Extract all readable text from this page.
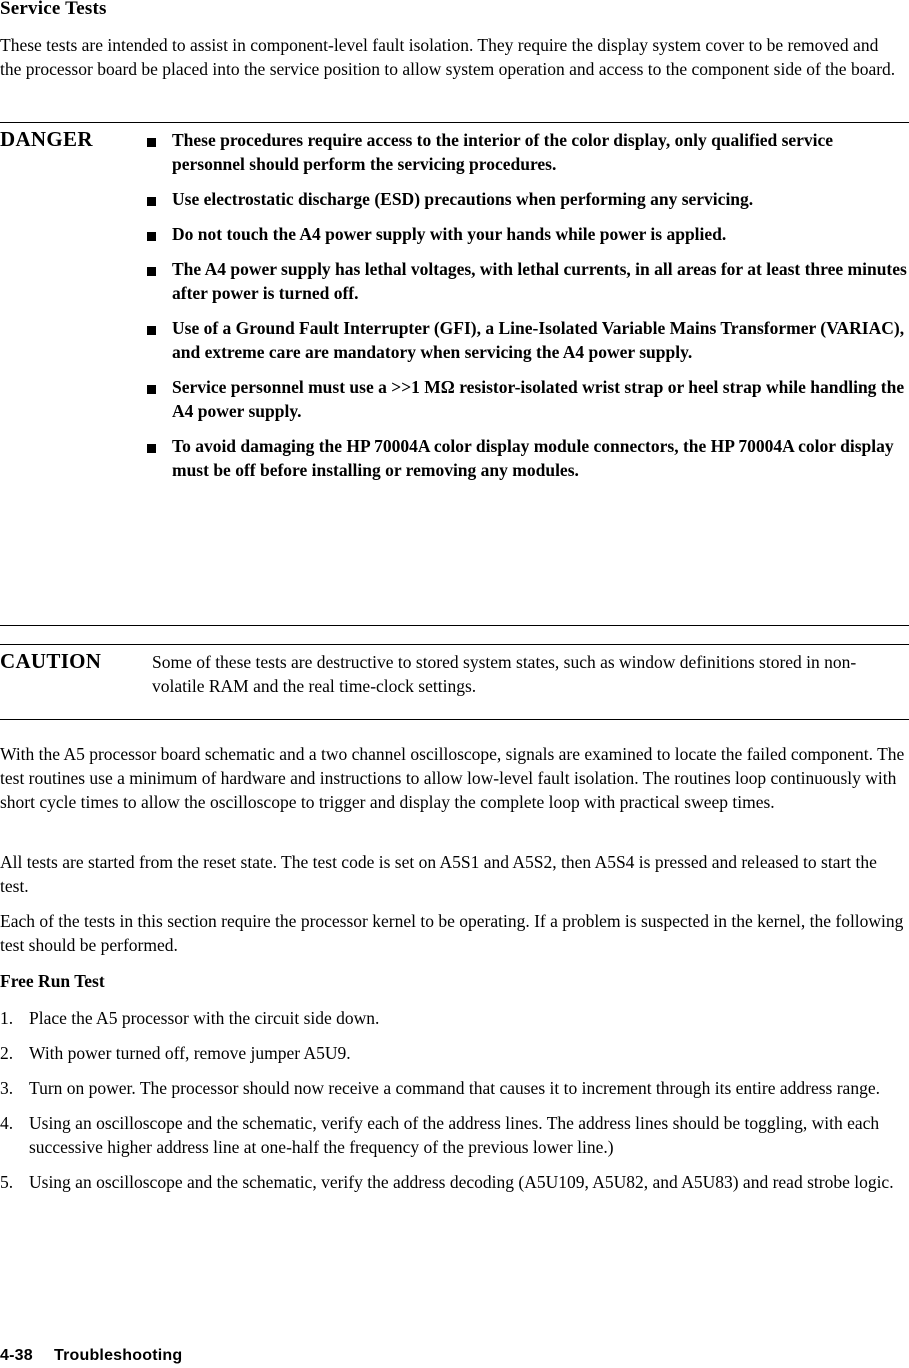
Service Tests
These tests are intended to assist in component-level fault isolation. They require the display system cover to be removed and the processor board be placed into the service position to allow system operation and access to the component side of the board.
DANGER	These procedures require access to the interior of the color display, only qualified service personnel should perform the servicing procedures.
Use electrostatic discharge (ESD) precautions when performing any servicing.
Do not touch the A4 power supply with your hands while power is applied.
The A4 power supply has lethal voltages, with lethal currents, in all areas for at least three minutes after power is turned off.
Use of a Ground Fault Interrupter (GFI), a Line-Isolated Variable Mains Transformer (VARIAC), and extreme care are mandatory when servicing the A4 power supply.
Service personnel must use a >>1 MΩ resistor-isolated wrist strap or heel strap while handling the A4 power supply.
To avoid damaging the HP 70004A color display module connectors, the HP 70004A color display must be off before installing or removing any modules.
CAUTION	Some of these tests are destructive to stored system states, such as window definitions stored in non-volatile RAM and the real time-clock settings.
With the A5 processor board schematic and a two channel oscilloscope, signals are examined to locate the failed component. The test routines use a minimum of hardware and instructions to allow low-level fault isolation. The routines loop continuously with short cycle times to allow the oscilloscope to trigger and display the complete loop with practical sweep times.
All tests are started from the reset state. The test code is set on A5S1 and A5S2, then A5S4 is pressed and released to start the test.
Each of the tests in this section require the processor kernel to be operating. If a problem is suspected in the kernel, the following test should be performed.
Free Run Test
1. Place the A5 processor with the circuit side down.
2. With power turned off, remove jumper A5U9.
3. Turn on power. The processor should now receive a command that causes it to increment through its entire address range.
4. Using an oscilloscope and the schematic, verify each of the address lines. The address lines should be toggling, with each successive higher address line at one-half the frequency of the previous lower line.)
5. Using an oscilloscope and the schematic, verify the address decoding (A5U109, A5U82, and A5U83) and read strobe logic.
4-38 Troubleshooting
